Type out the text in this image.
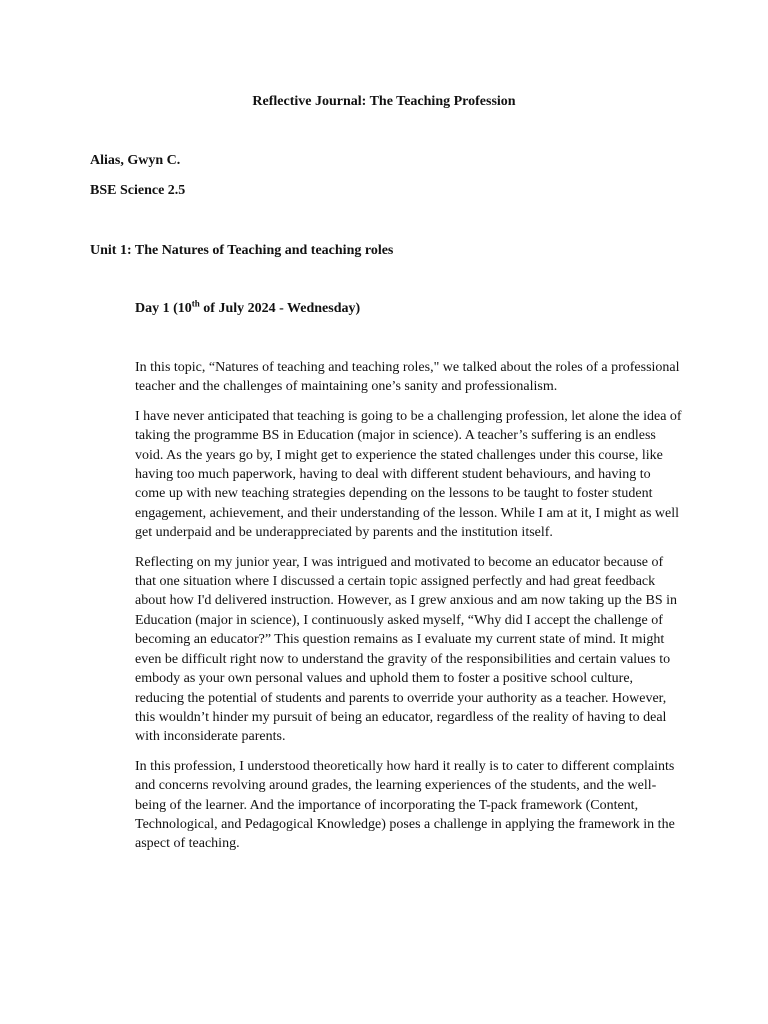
Reflective Journal: The Teaching Profession
Alias, Gwyn C.
BSE Science 2.5
Unit 1: The Natures of Teaching and teaching roles
Day 1 (10th of July 2024 - Wednesday)

In this topic, “Natures of teaching and teaching roles," we talked about the roles of a professional teacher and the challenges of maintaining one’s sanity and professionalism.

I have never anticipated that teaching is going to be a challenging profession, let alone the idea of taking the programme BS in Education (major in science). A teacher’s suffering is an endless void. As the years go by, I might get to experience the stated challenges under this course, like having too much paperwork, having to deal with different student behaviours, and having to come up with new teaching strategies depending on the lessons to be taught to foster student engagement, achievement, and their understanding of the lesson. While I am at it, I might as well get underpaid and be underappreciated by parents and the institution itself.

Reflecting on my junior year, I was intrigued and motivated to become an educator because of that one situation where I discussed a certain topic assigned perfectly and had great feedback about how I'd delivered instruction. However, as I grew anxious and am now taking up the BS in Education (major in science), I continuously asked myself, “Why did I accept the challenge of becoming an educator?” This question remains as I evaluate my current state of mind. It might even be difficult right now to understand the gravity of the responsibilities and certain values to embody as your own personal values and uphold them to foster a positive school culture, reducing the potential of students and parents to override your authority as a teacher. However, this wouldn’t hinder my pursuit of being an educator, regardless of the reality of having to deal with inconsiderate parents.

In this profession, I understood theoretically how hard it really is to cater to different complaints and concerns revolving around grades, the learning experiences of the students, and the well-being of the learner. And the importance of incorporating the T-pack framework (Content, Technological, and Pedagogical Knowledge) poses a challenge in applying the framework in the aspect of teaching.
